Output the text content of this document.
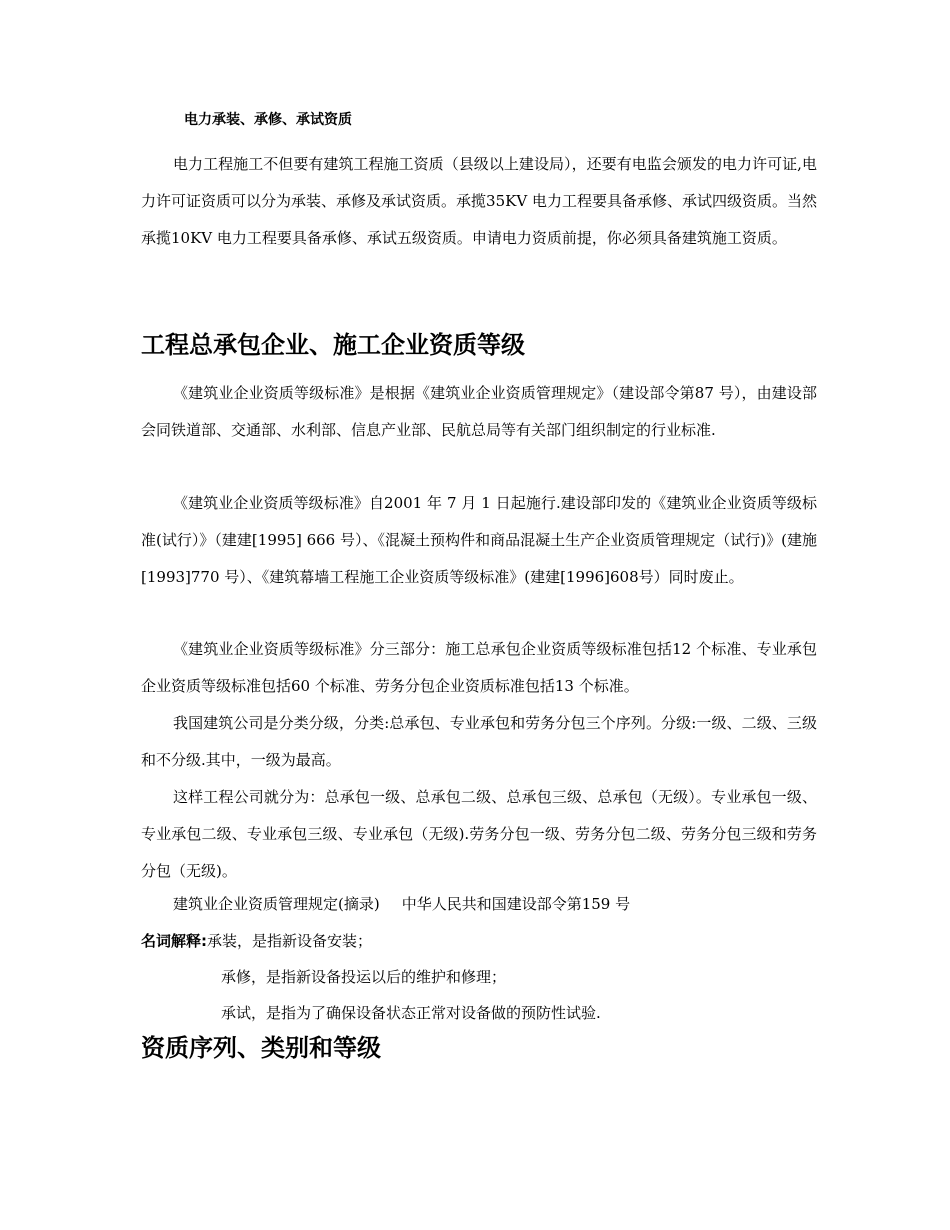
电力承装、承修、承试资质

电力工程施工不但要有建筑工程施工资质（县级以上建设局），还要有电监会颁发的电力许可证,电力许可证资质可以分为承装、承修及承试资质。承揽35KV 电力工程要具备承修、承试四级资质。当然承揽10KV 电力工程要具备承修、承试五级资质。申请电力资质前提，你必须具备建筑施工资质。

工程总承包企业、施工企业资质等级

《建筑业企业资质等级标准》是根据《建筑业企业资质管理规定》（建设部令第87 号），由建设部会同铁道部、交通部、水利部、信息产业部、民航总局等有关部门组织制定的行业标准.

《建筑业企业资质等级标准》自2001 年 7 月 1 日起施行.建设部印发的《建筑业企业资质等级标准(试行）》（建建[1995] 666 号）、《混凝土预构件和商品混凝土生产企业资质管理规定（试行)》(建施[1993]770 号）、《建筑幕墙工程施工企业资质等级标准》(建建[1996]608号）同时废止。

《建筑业企业资质等级标准》分三部分：施工总承包企业资质等级标准包括12 个标准、专业承包企业资质等级标准包括60 个标准、劳务分包企业资质标准包括13 个标准。

我国建筑公司是分类分级，分类:总承包、专业承包和劳务分包三个序列。分级:一级、二级、三级和不分级.其中，一级为最高。

这样工程公司就分为：总承包一级、总承包二级、总承包三级、总承包（无级）。专业承包一级、专业承包二级、专业承包三级、专业承包（无级).劳务分包一级、劳务分包二级、劳务分包三级和劳务分包（无级)。

建筑业企业资质管理规定(摘录) 中华人民共和国建设部令第159 号
名词解释:承装，是指新设备安装；
承修，是指新设备投运以后的维护和修理；
承试，是指为了确保设备状态正常对设备做的预防性试验.
资质序列、类别和等级
